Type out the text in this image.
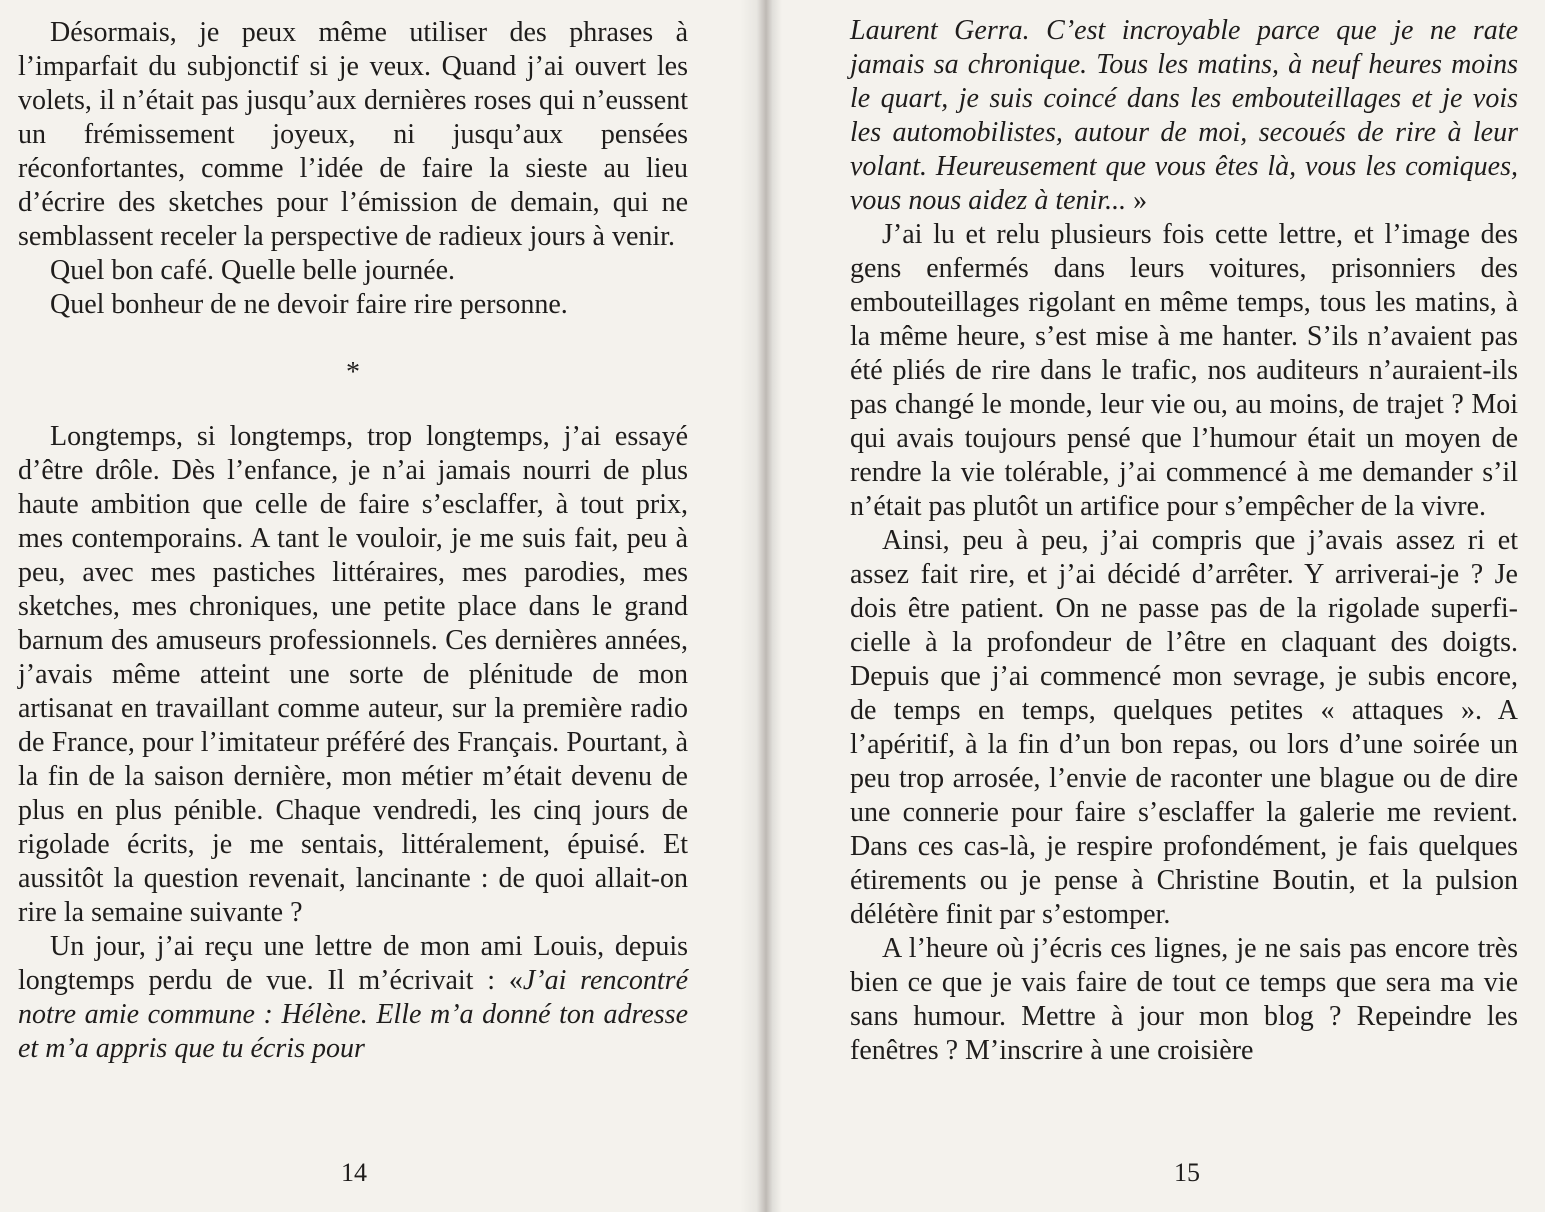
Désormais, je peux même utiliser des phrases à l’imparfait du subjonctif si je veux. Quand j’ai ouvert les volets, il n’était pas jusqu’aux dernières roses qui n’eussent un frémissement joyeux, ni jusqu’aux pensées réconfortantes, comme l’idée de faire la sieste au lieu d’écrire des sketches pour l’émission de demain, qui ne semblassent receler la perspective de radieux jours à venir.

Quel bon café. Quelle belle journée.

Quel bonheur de ne devoir faire rire personne.

*

Longtemps, si longtemps, trop longtemps, j’ai essayé d’être drôle. Dès l’enfance, je n’ai jamais nourri de plus haute ambition que celle de faire s’esclaffer, à tout prix, mes contemporains. A tant le vouloir, je me suis fait, peu à peu, avec mes pastiches littéraires, mes parodies, mes sketches, mes chroniques, une petite place dans le grand barnum des amuseurs professionnels. Ces dernières années, j’avais même atteint une sorte de plénitude de mon artisanat en travaillant comme auteur, sur la première radio de France, pour l’imitateur préféré des Français. Pourtant, à la fin de la saison dernière, mon métier m’était devenu de plus en plus pénible. Chaque vendredi, les cinq jours de rigolade écrits, je me sentais, littéralement, épuisé. Et aussitôt la question revenait, lancinante : de quoi allait-on rire la semaine suivante ?

Un jour, j’ai reçu une lettre de mon ami Louis, depuis longtemps perdu de vue. Il m’écrivait : «J’ai rencontré notre amie commune : Hélène. Elle m’a donné ton adresse et m’a appris que tu écris pour

14

Laurent Gerra. C’est incroyable parce que je ne rate jamais sa chronique. Tous les matins, à neuf heures moins le quart, je suis coincé dans les embouteillages et je vois les automobilistes, autour de moi, secoués de rire à leur volant. Heureusement que vous êtes là, vous les comiques, vous nous aidez à tenir... »

J’ai lu et relu plusieurs fois cette lettre, et l’image des gens enfermés dans leurs voitures, prisonniers des embouteillages rigolant en même temps, tous les matins, à la même heure, s’est mise à me hanter. S’ils n’avaient pas été pliés de rire dans le trafic, nos auditeurs n’auraient-ils pas changé le monde, leur vie ou, au moins, de trajet ? Moi qui avais toujours pensé que l’humour était un moyen de rendre la vie tolérable, j’ai commencé à me demander s’il n’était pas plutôt un artifice pour s’empêcher de la vivre.

Ainsi, peu à peu, j’ai compris que j’avais assez ri et assez fait rire, et j’ai décidé d’arrêter. Y arriverai-je ? Je dois être patient. On ne passe pas de la rigolade superficielle à la profondeur de l’être en claquant des doigts. Depuis que j’ai commencé mon sevrage, je subis encore, de temps en temps, quelques petites « attaques ». A l’apéritif, à la fin d’un bon repas, ou lors d’une soirée un peu trop arrosée, l’envie de raconter une blague ou de dire une connerie pour faire s’esclaffer la galerie me revient. Dans ces cas-là, je respire profondément, je fais quelques étirements ou je pense à Christine Boutin, et la pulsion délétère finit par s’estomper.

A l’heure où j’écris ces lignes, je ne sais pas encore très bien ce que je vais faire de tout ce temps que sera ma vie sans humour. Mettre à jour mon blog ? Repeindre les fenêtres ? M’inscrire à une croisière

15
